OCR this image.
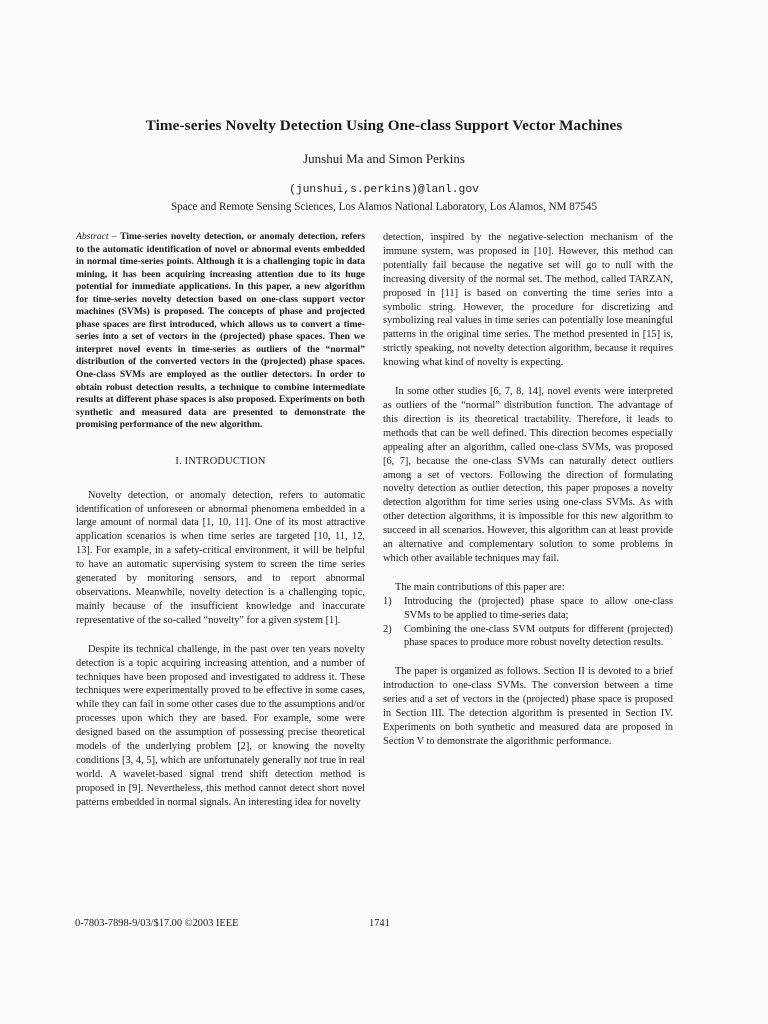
Time-series Novelty Detection Using One-class Support Vector Machines
Junshui Ma and Simon Perkins
(junshui,s.perkins)@lanl.gov
Space and Remote Sensing Sciences, Los Alamos National Laboratory, Los Alamos, NM 87545

Abstract – Time-series novelty detection, or anomaly detection, refers to the automatic identification of novel or abnormal events embedded in normal time-series points. Although it is a challenging topic in data mining, it has been acquiring increasing attention due to its huge potential for immediate applications. In this paper, a new algorithm for time-series novelty detection based on one-class support vector machines (SVMs) is proposed. The concepts of phase and projected phase spaces are first introduced, which allows us to convert a time-series into a set of vectors in the (projected) phase spaces. Then we interpret novel events in time-series as outliers of the “normal” distribution of the converted vectors in the (projected) phase spaces. One-class SVMs are employed as the outlier detectors. In order to obtain robust detection results, a technique to combine intermediate results at different phase spaces is also proposed. Experiments on both synthetic and measured data are presented to demonstrate the promising performance of the new algorithm.

I. INTRODUCTION

Novelty detection, or anomaly detection, refers to automatic identification of unforeseen or abnormal phenomena embedded in a large amount of normal data [1, 10, 11]. One of its most attractive application scenarios is when time series are targeted [10, 11, 12, 13]. For example, in a safety-critical environment, it will be helpful to have an automatic supervising system to screen the time series generated by monitoring sensors, and to report abnormal observations. Meanwhile, novelty detection is a challenging topic, mainly because of the insufficient knowledge and inaccurate representative of the so-called “novelty” for a given system [1].

Despite its technical challenge, in the past over ten years novelty detection is a topic acquiring increasing attention, and a number of techniques have been proposed and investigated to address it. These techniques were experimentally proved to be effective in some cases, while they can fail in some other cases due to the assumptions and/or processes upon which they are based. For example, some were designed based on the assumption of possessing precise theoretical models of the underlying problem [2], or knowing the novelty conditions [3, 4, 5], which are unfortunately generally not true in real world. A wavelet-based signal trend shift detection method is proposed in [9]. Nevertheless, this method cannot detect short novel patterns embedded in normal signals. An interesting idea for novelty

detection, inspired by the negative-selection mechanism of the immune system, was proposed in [10]. However, this method can potentially fail because the negative set will go to null with the increasing diversity of the normal set. The method, called TARZAN, proposed in [11] is based on converting the time series into a symbolic string. However, the procedure for discretizing and symbolizing real values in time series can potentially lose meaningful patterns in the original time series. The method presented in [15] is, strictly speaking, not novelty detection algorithm, because it requires knowing what kind of novelty is expecting.

In some other studies [6, 7, 8, 14], novel events were interpreted as outliers of the “normal” distribution function. The advantage of this direction is its theoretical tractability. Therefore, it leads to methods that can be well defined. This direction becomes especially appealing after an algorithm, called one-class SVMs, was proposed [6, 7], because the one-class SVMs can naturally detect outliers among a set of vectors. Following the direction of formulating novelty detection as outlier detection, this paper proposes a novelty detection algorithm for time series using one-class SVMs. As with other detection algorithms, it is impossible for this new algorithm to succeed in all scenarios. However, this algorithm can at least provide an alternative and complementary solution to some problems in which other available techniques may fail.

The main contributions of this paper are:

1)	Introducing the (projected) phase space to allow one-class SVMs to be applied to time-series data;
2)	Combining the one-class SVM outputs for different (projected) phase spaces to produce more robust novelty detection results.

The paper is organized as follows. Section II is devoted to a brief introduction to one-class SVMs. The conversion between a time series and a set of vectors in the (projected) phase space is proposed in Section III. The detection algorithm is presented in Section IV. Experiments on both synthetic and measured data are proposed in Section V to demonstrate the algorithmic performance.

0-7803-7898-9/03/$17.00 ©2003 IEEE	1741
